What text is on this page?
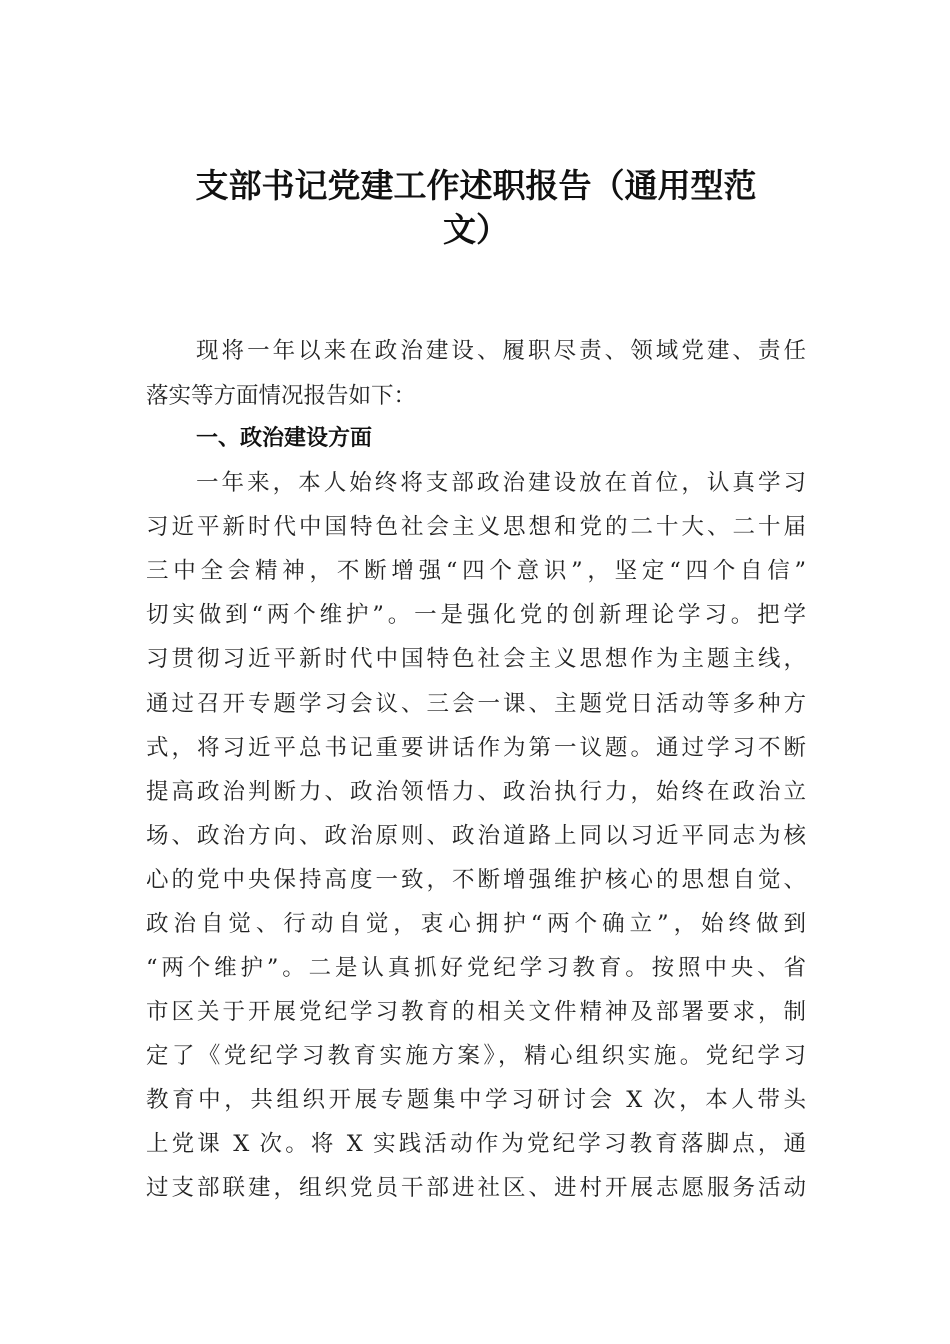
支部书记党建工作述职报告（通用型范
文）
现将一年以来在政治建设、履职尽责、领域党建、责任
落实等方面情况报告如下：
一、政治建设方面
一年来，本人始终将支部政治建设放在首位，认真学习
习近平新时代中国特色社会主义思想和党的二十大、二十届
三中全会精神，不断增强“四个意识”，坚定“四个自信”
切实做到“两个维护”。一是强化党的创新理论学习。把学
习贯彻习近平新时代中国特色社会主义思想作为主题主线，
通过召开专题学习会议、三会一课、主题党日活动等多种方
式，将习近平总书记重要讲话作为第一议题。通过学习不断
提高政治判断力、政治领悟力、政治执行力，始终在政治立
场、政治方向、政治原则、政治道路上同以习近平同志为核
心的党中央保持高度一致，不断增强维护核心的思想自觉、
政治自觉、行动自觉，衷心拥护“两个确立”，始终做到
“两个维护”。二是认真抓好党纪学习教育。按照中央、省
市区关于开展党纪学习教育的相关文件精神及部署要求，制
定了《党纪学习教育实施方案》，精心组织实施。党纪学习
教育中，共组织开展专题集中学习研讨会 X 次，本人带头
上党课 X 次。将 X 实践活动作为党纪学习教育落脚点，通
过支部联建，组织党员干部进社区、进村开展志愿服务活动
